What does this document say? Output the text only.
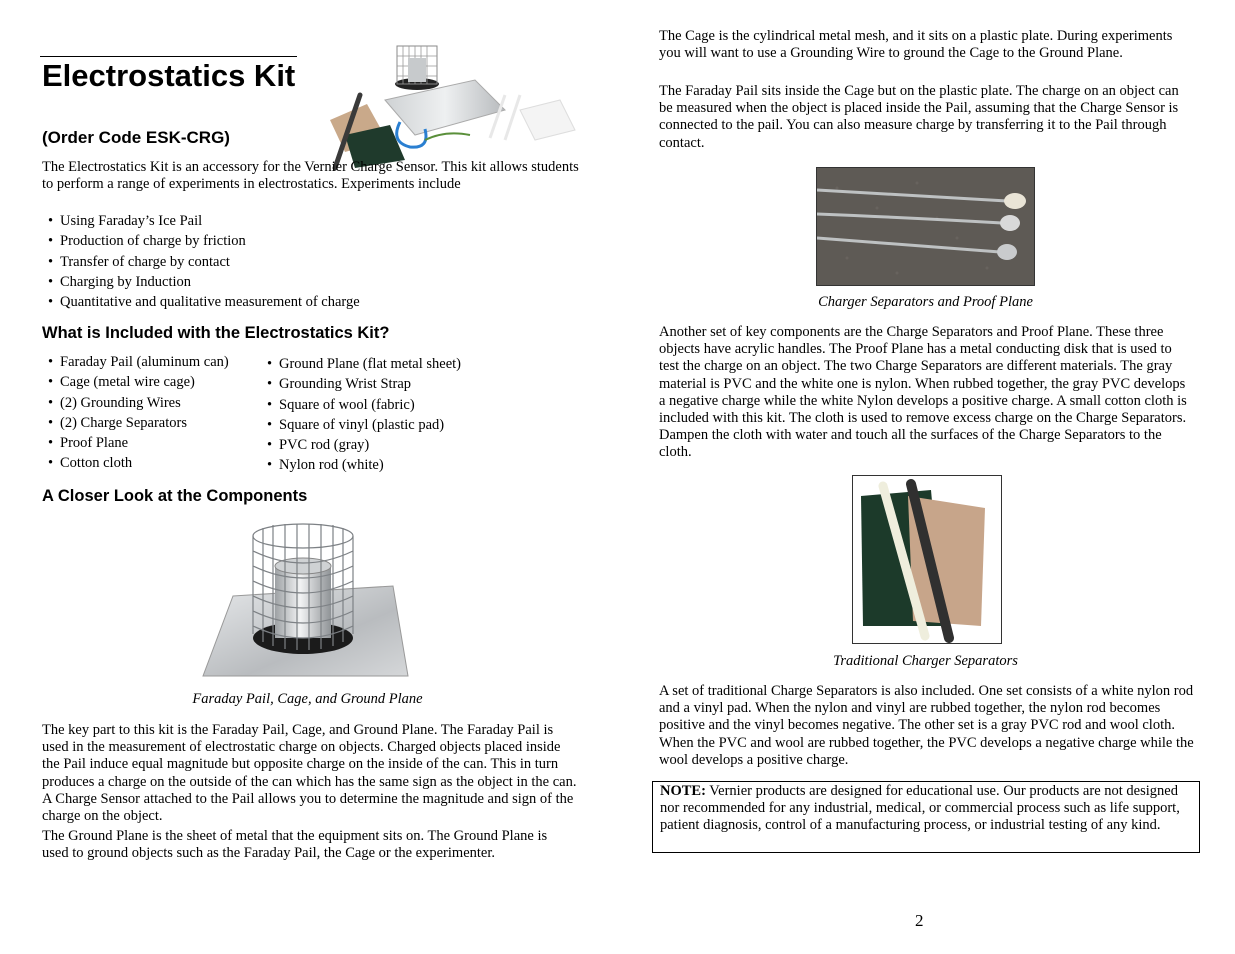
Electrostatics Kit
(Order Code ESK-CRG)
The Electrostatics Kit is an accessory for the Vernier Charge Sensor. This kit allows students to perform a range of experiments in electrostatics. Experiments include
• Using Faraday’s Ice Pail
• Production of charge by friction
• Transfer of charge by contact
• Charging by Induction
• Quantitative and qualitative measurement of charge
What is Included with the Electrostatics Kit?
• Faraday Pail (aluminum can)
• Cage (metal wire cage)
• (2) Grounding Wires
• (2) Charge Separators
• Proof Plane
• Cotton cloth
• Ground Plane (flat metal sheet)
• Grounding Wrist Strap
• Square of wool (fabric)
• Square of vinyl (plastic pad)
• PVC rod (gray)
• Nylon rod (white)
A Closer Look at the Components
Faraday Pail, Cage, and Ground Plane

The key part to this kit is the Faraday Pail, Cage, and Ground Plane. The Faraday Pail is used in the measurement of electrostatic charge on objects. Charged objects placed inside the Pail induce equal magnitude but opposite charge on the inside of the can. This in turn produces a charge on the outside of the can which has the same sign as the object in the can. A Charge Sensor attached to the Pail allows you to determine the magnitude and sign of the charge on the object.

The Ground Plane is the sheet of metal that the equipment sits on. The Ground Plane is used to ground objects such as the Faraday Pail, the Cage or the experimenter.

The Cage is the cylindrical metal mesh, and it sits on a plastic plate. During experiments you will want to use a Grounding Wire to ground the Cage to the Ground Plane.

The Faraday Pail sits inside the Cage but on the plastic plate. The charge on an object can be measured when the object is placed inside the Pail, assuming that the Charge Sensor is connected to the pail. You can also measure charge by transferring it to the Pail through contact.

Charger Separators and Proof Plane

Another set of key components are the Charge Separators and Proof Plane. These three objects have acrylic handles. The Proof Plane has a metal conducting disk that is used to test the charge on an object. The two Charge Separators are different materials. The gray material is PVC and the white one is nylon. When rubbed together, the gray PVC develops a negative charge while the white Nylon develops a positive charge. A small cotton cloth is included with this kit. The cloth is used to remove excess charge on the Charge Separators. Dampen the cloth with water and touch all the surfaces of the Charge Separators to the cloth.

Traditional Charger Separators

A set of traditional Charge Separators is also included. One set consists of a white nylon rod and a vinyl pad. When the nylon and vinyl are rubbed together, the nylon rod becomes positive and the vinyl becomes negative. The other set is a gray PVC rod and wool cloth. When the PVC and wool are rubbed together, the PVC develops a negative charge while the wool develops a positive charge.

NOTE: Vernier products are designed for educational use. Our products are not designed nor recommended for any industrial, medical, or commercial process such as life support, patient diagnosis, control of a manufacturing process, or industrial testing of any kind.
2
